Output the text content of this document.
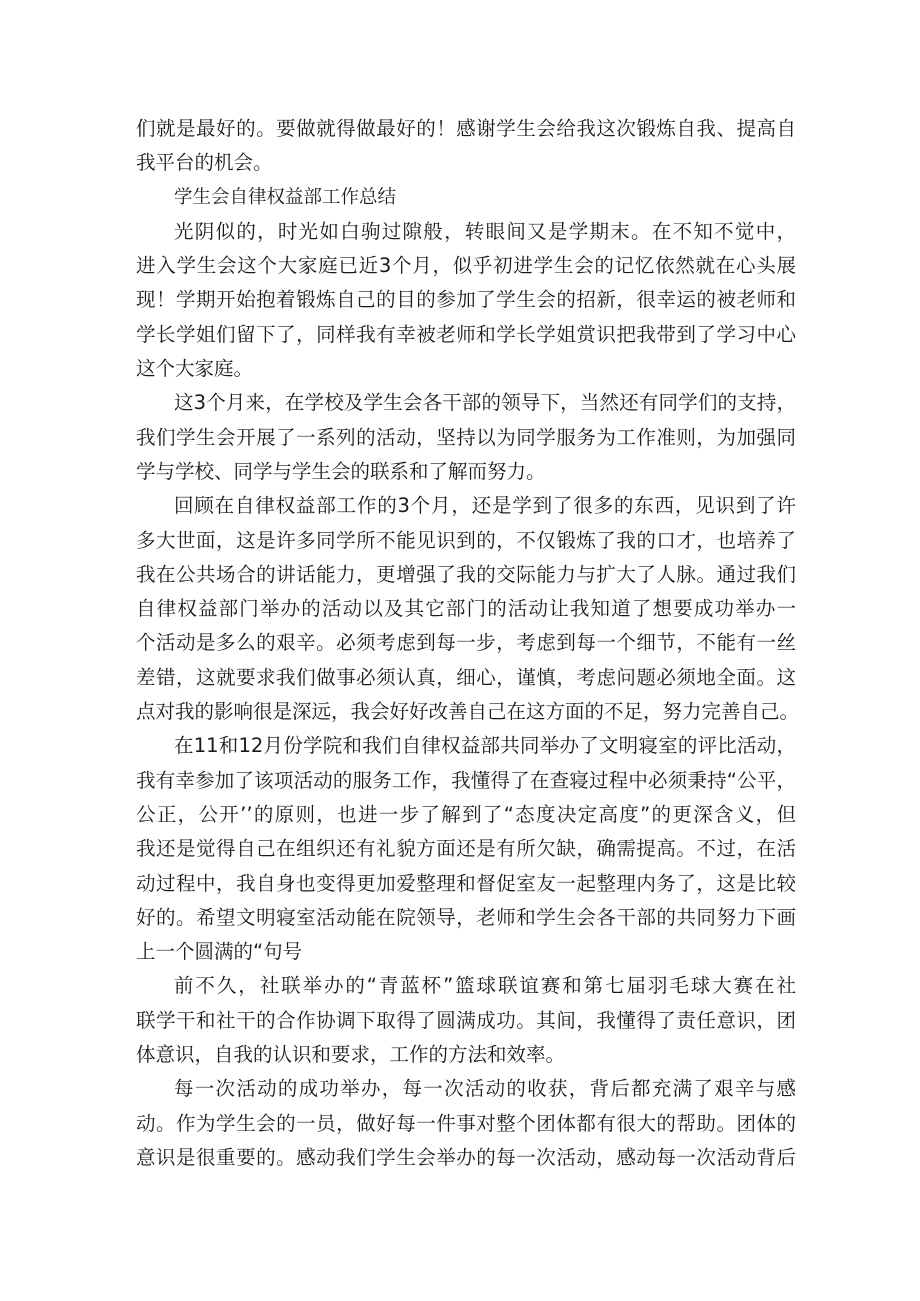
们就是最好的。要做就得做最好的！感谢学生会给我这次锻炼自我、提高自
我平台的机会。
学生会自律权益部工作总结
光阴似的，时光如白驹过隙般，转眼间又是学期末。在不知不觉中，
进入学生会这个大家庭已近3个月，似乎初进学生会的记忆依然就在心头展
现！学期开始抱着锻炼自己的目的参加了学生会的招新，很幸运的被老师和
学长学姐们留下了，同样我有幸被老师和学长学姐赏识把我带到了学习中心
这个大家庭。
这3个月来，在学校及学生会各干部的领导下，当然还有同学们的支持，
我们学生会开展了一系列的活动，坚持以为同学服务为工作准则，为加强同
学与学校、同学与学生会的联系和了解而努力。
回顾在自律权益部工作的3个月，还是学到了很多的东西，见识到了许
多大世面，这是许多同学所不能见识到的，不仅锻炼了我的口才，也培养了
我在公共场合的讲话能力，更增强了我的交际能力与扩大了人脉。通过我们
自律权益部门举办的活动以及其它部门的活动让我知道了想要成功举办一
个活动是多么的艰辛。必须考虑到每一步，考虑到每一个细节，不能有一丝
差错，这就要求我们做事必须认真，细心，谨慎，考虑问题必须地全面。这
点对我的影响很是深远，我会好好改善自己在这方面的不足，努力完善自己。
在11和12月份学院和我们自律权益部共同举办了文明寝室的评比活动，
我有幸参加了该项活动的服务工作，我懂得了在查寝过程中必须秉持“公平，
公正，公开’’的原则，也进一步了解到了“态度决定高度”的更深含义，但
我还是觉得自己在组织还有礼貌方面还是有所欠缺，确需提高。不过，在活
动过程中，我自身也变得更加爱整理和督促室友一起整理内务了，这是比较
好的。希望文明寝室活动能在院领导，老师和学生会各干部的共同努力下画
上一个圆满的“句号
前不久，社联举办的“青蓝杯”篮球联谊赛和第七届羽毛球大赛在社
联学干和社干的合作协调下取得了圆满成功。其间，我懂得了责任意识，团
体意识，自我的认识和要求，工作的方法和效率。
每一次活动的成功举办，每一次活动的收获，背后都充满了艰辛与感
动。作为学生会的一员，做好每一件事对整个团体都有很大的帮助。团体的
意识是很重要的。感动我们学生会举办的每一次活动，感动每一次活动背后
